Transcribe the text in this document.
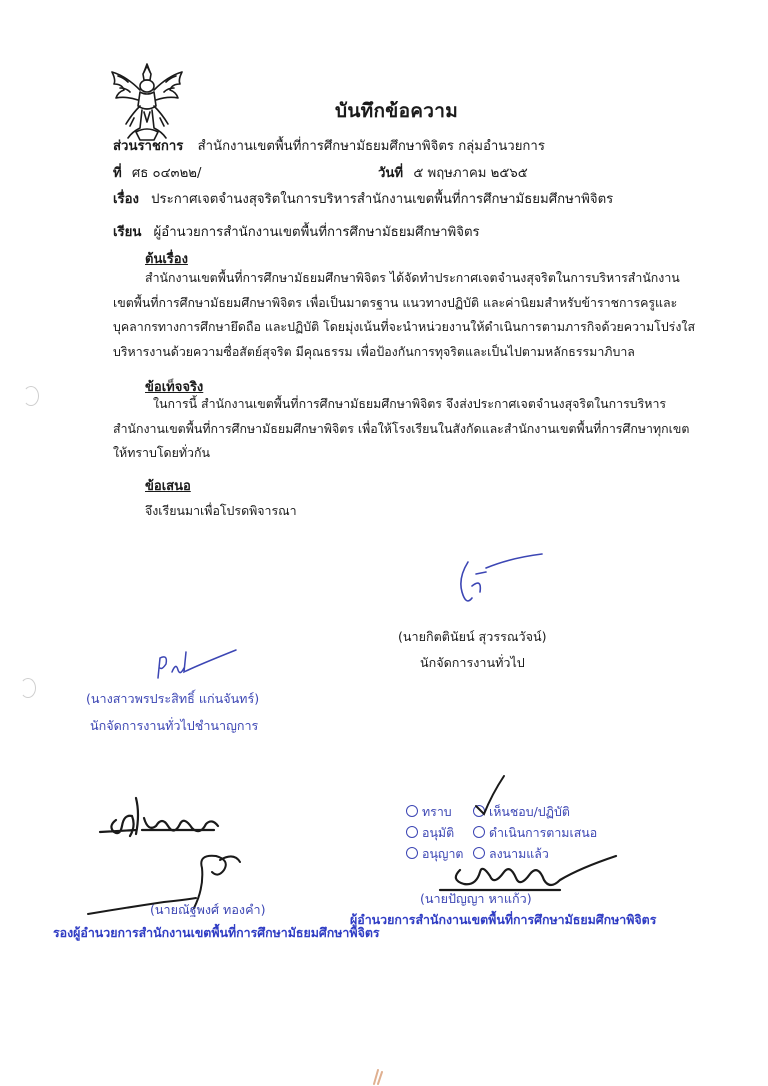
บันทึกข้อความ
ส่วนราชการ สำนักงานเขตพื้นที่การศึกษามัธยมศึกษาพิจิตร กลุ่มอำนวยการ
ที่ ศธ ๐๔๓๒๒/	วันที่ ๕ พฤษภาคม ๒๕๖๕
เรื่อง ประกาศเจตจำนงสุจริตในการบริหารสำนักงานเขตพื้นที่การศึกษามัธยมศึกษาพิจิตร
เรียน ผู้อำนวยการสำนักงานเขตพื้นที่การศึกษามัธยมศึกษาพิจิตร
ต้นเรื่อง
สำนักงานเขตพื้นที่การศึกษามัธยมศึกษาพิจิตร ได้จัดทำประกาศเจตจำนงสุจริตในการบริหารสำนักงาน
เขตพื้นที่การศึกษามัธยมศึกษาพิจิตร เพื่อเป็นมาตรฐาน แนวทางปฏิบัติ และค่านิยมสำหรับข้าราชการครูและ
บุคลากรทางการศึกษายึดถือ และปฏิบัติ โดยมุ่งเน้นที่จะนำหน่วยงานให้ดำเนินการตามภารกิจด้วยความโปร่งใส
บริหารงานด้วยความซื่อสัตย์สุจริต มีคุณธรรม เพื่อป้องกันการทุจริตและเป็นไปตามหลักธรรมาภิบาล
ข้อเท็จจริง
ในการนี้ สำนักงานเขตพื้นที่การศึกษามัธยมศึกษาพิจิตร จึงส่งประกาศเจตจำนงสุจริตในการบริหาร
สำนักงานเขตพื้นที่การศึกษามัธยมศึกษาพิจิตร เพื่อให้โรงเรียนในสังกัดและสำนักงานเขตพื้นที่การศึกษาทุกเขต
ให้ทราบโดยทั่วกัน
ข้อเสนอ
จึงเรียนมาเพื่อโปรดพิจารณา
(นายกิตตินัยน์ สุวรรณวัจน์)
นักจัดการงานทั่วไป
(นางสาวพรประสิทธิ์ แก่นจันทร์)
นักจัดการงานทั่วไปชำนาญการ
(นายณัฐพงศ์ ทองคำ)
รองผู้อำนวยการสำนักงานเขตพื้นที่การศึกษามัธยมศึกษาพิจิตร
ทราบ
อนุมัติ
อนุญาต
เห็นชอบ/ปฏิบัติ
ดำเนินการตามเสนอ
ลงนามแล้ว
(นายปัญญา หาแก้ว)
ผู้อำนวยการสำนักงานเขตพื้นที่การศึกษามัธยมศึกษาพิจิตร
